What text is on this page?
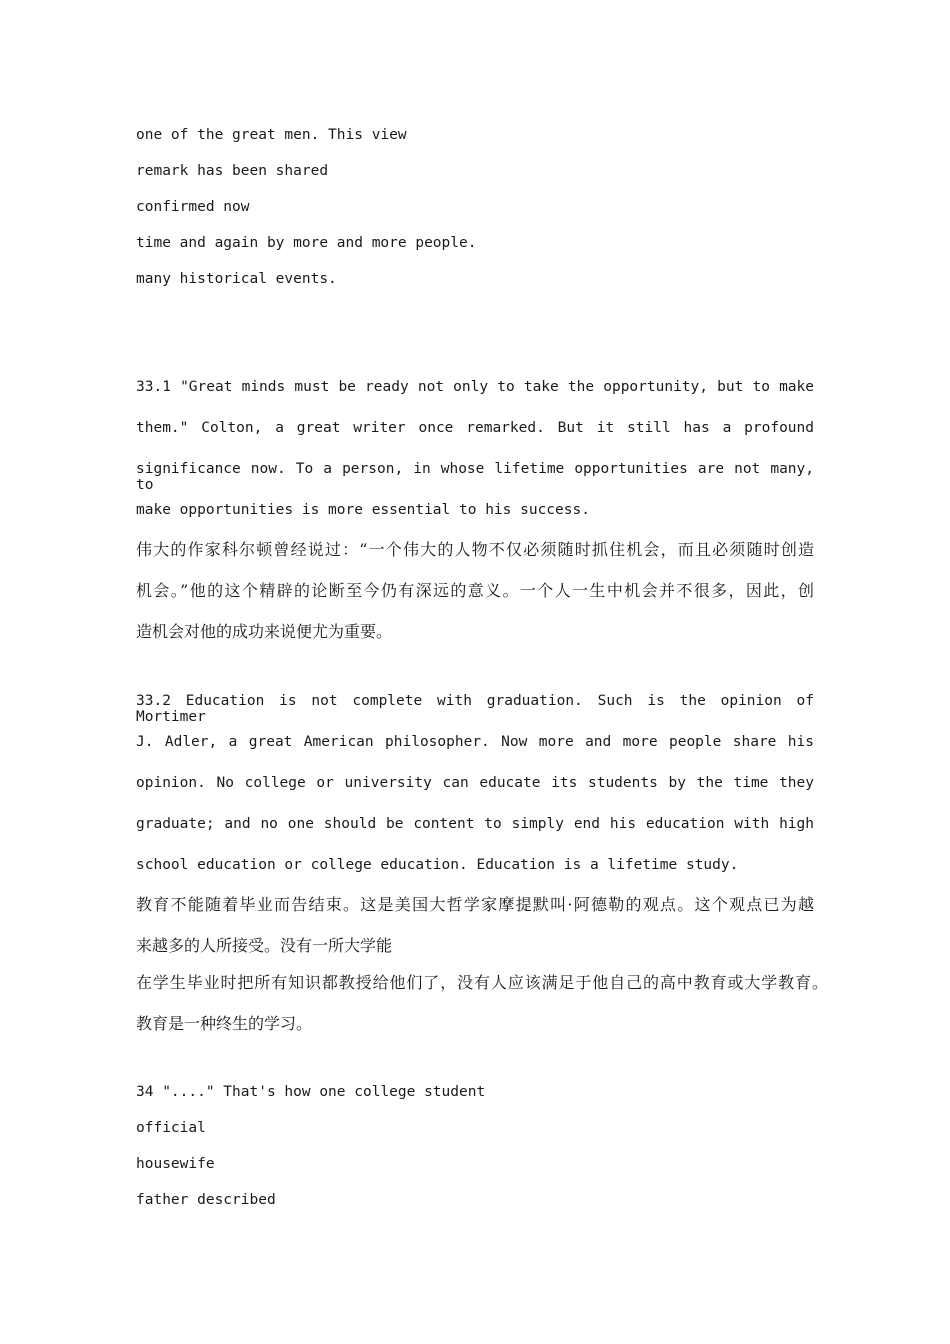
one of the great men. This view
remark has been shared
confirmed now
time and again by more and more people.
many historical events.
33.1 "Great minds must be ready not only to take the opportunity, but to make
them." Colton, a great writer once remarked. But it still has a profound
significance now. To a person, in whose lifetime opportunities are not many, to
make opportunities is more essential to his success.
伟大的作家科尔顿曾经说过：“一个伟大的人物不仅必须随时抓住机会，而且必须随时创造
机会。”他的这个精辟的论断至今仍有深远的意义。一个人一生中机会并不很多，因此，创
造机会对他的成功来说便尤为重要。
33.2 Education is not complete with graduation. Such is the opinion of Mortimer
J. Adler, a great American philosopher. Now more and more people share his
opinion. No college or university can educate its students by the time they
graduate; and no one should be content to simply end his education with high
school education or college education. Education is a lifetime study.
教育不能随着毕业而告结束。这是美国大哲学家摩提默叫·阿德勒的观点。这个观点已为越
来越多的人所接受。没有一所大学能
在学生毕业时把所有知识都教授给他们了，没有人应该满足于他自己的高中教育或大学教育。
教育是一种终生的学习。
34 "...." That's how one college student
official
housewife
father described
